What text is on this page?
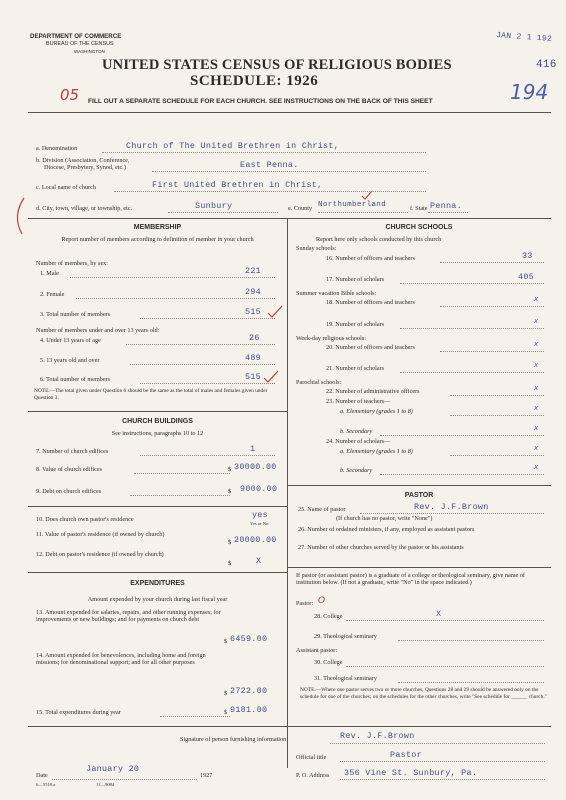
DEPARTMENT OF COMMERCE
BUREAU OF THE CENSUS
WASHINGTON
UNITED STATES CENSUS OF RELIGIOUS BODIES
SCHEDULE: 1926
FILL OUT A SEPARATE SCHEDULE FOR EACH CHURCH. SEE INSTRUCTIONS ON THE BACK OF THIS SHEET
JAN 2 1 192
416
194
05
a. Denomination	Church of The United Brethren in Christ,
b. Division (Association, Conference,
Diocese, Presbytery, Synod, etc.)	East Penna.
c. Local name of church	First United Brethren in Christ,
d. City, town, village, or township, etc.	Sunbury	e. County Northumberland	f. State Penna.
MEMBERSHIP
Report number of members according to definition of member in your church
Number of members, by sex:
1. Male	221
2. Female	294
3. Total number of members	515
Number of members under and over 13 years old:
4. Under 13 years of age	26
5. 13 years old and over	489
6. Total number of members	515
NOTE.—The total given under Question 6 should be the same as the total of males and females given under Question 3.
CHURCH BUILDINGS
See instructions, paragraphs 10 to 12
7. Number of church edifices	1
8. Value of church edifices	$ 30000.00
9. Debt on church edifices	$ 9000.00
10. Does church own pastor's residence	yes
Yes or No
11. Value of pastor's residence (if owned by church)
$ 20000.00
12. Debt on pastor's residence (if owned by church)
$	X
EXPENDITURES
Amount expended by your church during last fiscal year
13. Amount expended for salaries, repairs, and other running expenses; for improvements or new buildings; and for payments on church debt
$ 6459.00
14. Amount expended for benevolences, including home and foreign missions; for denominational support; and for all other purposes
$ 2722.00
15. Total expenditures during year	$ 9181.00
CHURCH SCHOOLS
Report here only schools conducted by this church
Sunday schools:
16. Number of officers and teachers	33
17. Number of scholars	405
Summer vacation Bible schools:
18. Number of officers and teachers	x
19. Number of scholars	x
Week-day religious schools:
20. Number of officers and teachers	x
21. Number of scholars	x
Parochial schools:
22. Number of administrative officers	x
23. Number of teachers—
a. Elementary (grades 1 to 8)	x
b. Secondary	x
24. Number of scholars—
a. Elementary (grades 1 to 8)	x
b. Secondary	x
PASTOR
25. Name of pastor	Rev. J.F.Brown
(If church has no pastor, write "None")
26. Number of ordained ministers, if any, employed as assistant pastors
27. Number of other churches served by the pastor or his assistants
If pastor (or assistant pastor) is a graduate of a college or theological seminary, give name of institution below. (If not a graduate, write "No" in the space indicated.)
Pastor: O
28. College	X
29. Theological seminary
Assistant pastor:
30. College
31. Theological seminary
NOTE.—Where one pastor serves two or more churches, Questions 28 and 29 should be answered only on the schedule for one of the churches; on the schedules for the other churches, write "See schedule for ______ church."
Signature of person furnishing information	Rev. J.F.Brown
Official title	Pastor
Date
January 20
1927	P. O. Address 356 Vine St. Sunbury, Pa.
6—5518 a	11—9084
